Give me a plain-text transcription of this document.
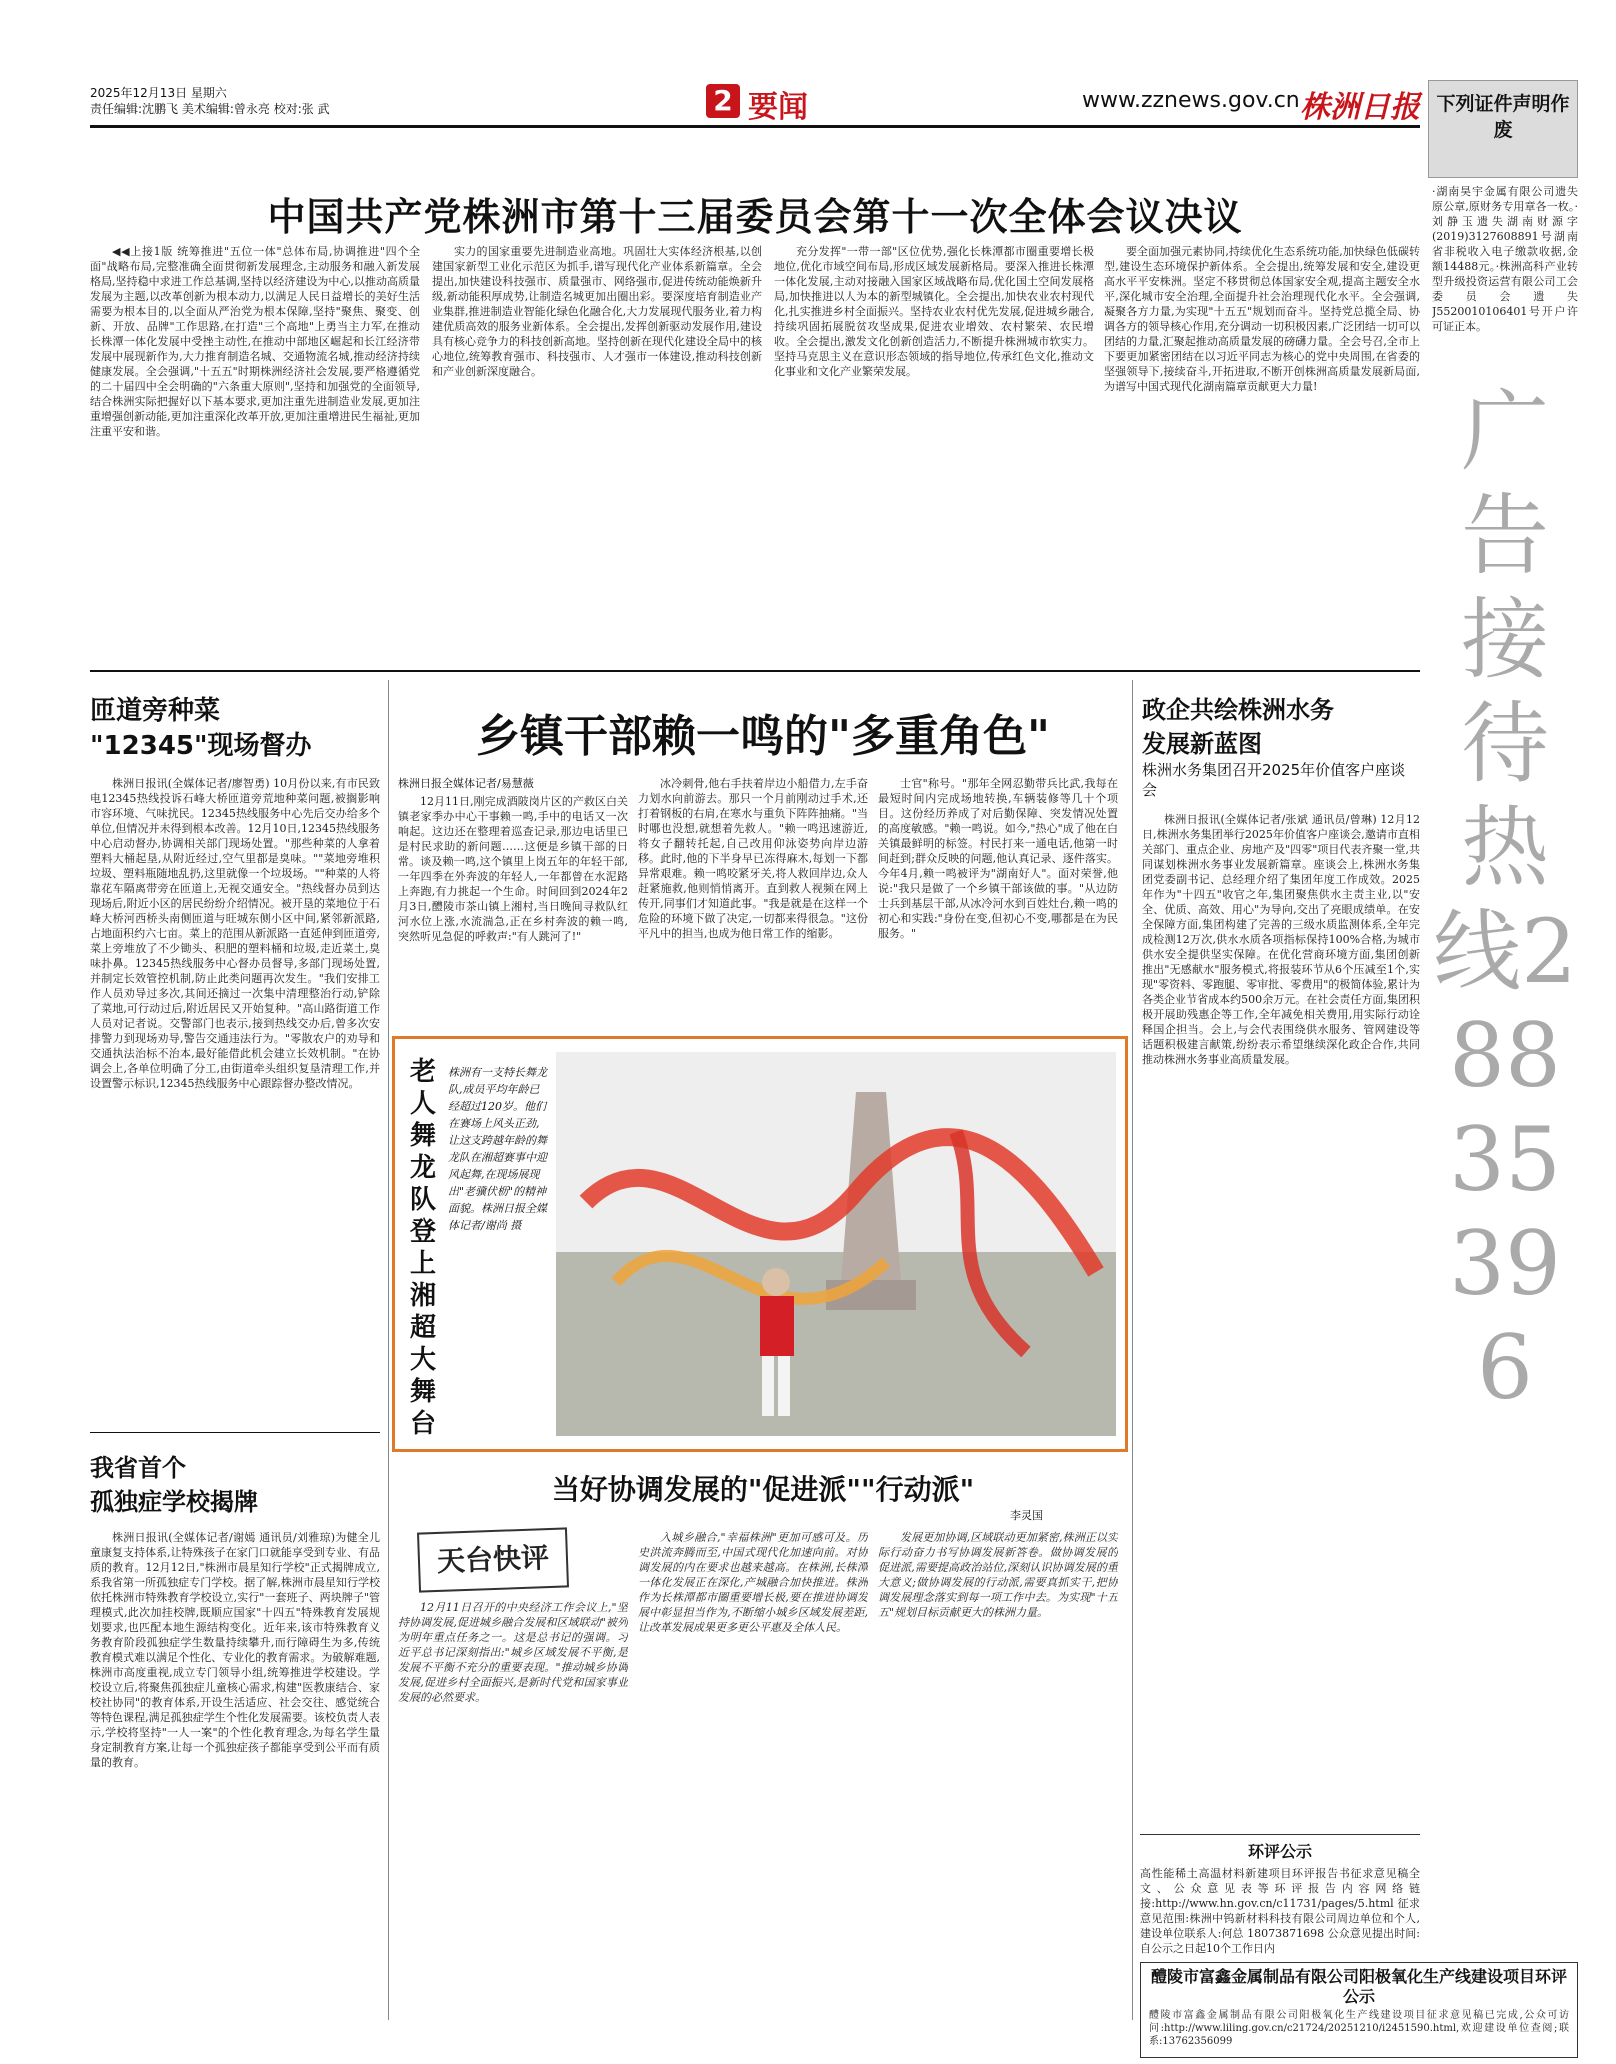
2025年12月13日 星期六
责任编辑:沈鹏飞 美术编辑:曾永亮 校对:张 武	2 要闻	www.zznews.gov.cn 株洲日报 下列证件声明作废
·湖南昊宇金属有限公司遗失原公章,原财务专用章各一枚。·刘静玉遗失湖南财源字(2019)3127608891号湖南省非税收入电子缴款收据,金额14488元。·株洲高科产业转型升级投资运营有限公司工会委员会遗失J5520010106401号开户许可证正本。
广告接待热线28835396
中国共产党株洲市第十三届委员会第十一次全体会议决议

◀◀上接1版 统筹推进"五位一体"总体布局,协调推进"四个全面"战略布局,完整准确全面贯彻新发展理念,主动服务和融入新发展格局,坚持稳中求进工作总基调,坚持以经济建设为中心,以推动高质量发展为主题,以改革创新为根本动力,以满足人民日益增长的美好生活需要为根本目的,以全面从严治党为根本保障,坚持"聚焦、聚变、创新、开放、品牌"工作思路,在打造"三个高地"上勇当主力军,在推动长株潭一体化发展中受挫主动性,在推动中部地区崛起和长江经济带发展中展现新作为,大力推育制造名城、交通物流名城,推动经济持续健康发展。全会强调,"十五五"时期株洲经济社会发展,要严格遵循党的二十届四中全会明确的"六条重大原则",坚持和加强党的全面领导,结合株洲实际把握好以下基本要求,更加注重先进制造业发展,更加注重增强创新动能,更加注重深化改革开放,更加注重增进民生福祉,更加注重平安和谐。

实力的国家重要先进制造业高地。巩固壮大实体经济根基,以创建国家新型工业化示范区为抓手,谱写现代化产业体系新篇章。全会提出,加快建设科技强市、质量强市、网络强市,促进传统动能焕新升级,新动能积厚成势,让制造名城更加出圈出彩。要深度培育制造业产业集群,推进制造业智能化绿色化融合化,大力发展现代服务业,着力构建优质高效的服务业新体系。全会提出,发挥创新驱动发展作用,建设具有核心竞争力的科技创新高地。坚持创新在现代化建设全局中的核心地位,统筹教育强市、科技强市、人才强市一体建设,推动科技创新和产业创新深度融合。

充分发挥"一带一部"区位优势,强化长株潭都市圈重要增长极地位,优化市域空间布局,形成区域发展新格局。要深入推进长株潭一体化发展,主动对接融入国家区域战略布局,优化国土空间发展格局,加快推进以人为本的新型城镇化。全会提出,加快农业农村现代化,扎实推进乡村全面振兴。坚持农业农村优先发展,促进城乡融合,持续巩固拓展脱贫攻坚成果,促进农业增效、农村繁荣、农民增收。全会提出,激发文化创新创造活力,不断提升株洲城市软实力。坚持马克思主义在意识形态领域的指导地位,传承红色文化,推动文化事业和文化产业繁荣发展。

要全面加强元素协同,持续优化生态系统功能,加快绿色低碳转型,建设生态环境保护新体系。全会提出,统筹发展和安全,建设更高水平平安株洲。坚定不移贯彻总体国家安全观,提高主题安全水平,深化城市安全治理,全面提升社会治理现代化水平。全会强调,凝聚各方力量,为实现"十五五"规划而奋斗。坚持党总揽全局、协调各方的领导核心作用,充分调动一切积极因素,广泛团结一切可以团结的力量,汇聚起推动高质量发展的磅礴力量。全会号召,全市上下要更加紧密团结在以习近平同志为核心的党中央周围,在省委的坚强领导下,接续奋斗,开拓进取,不断开创株洲高质量发展新局面,为谱写中国式现代化湖南篇章贡献更大力量!

匝道旁种菜
"12345"现场督办

株洲日报讯(全媒体记者/廖智勇) 10月份以来,有市民致电12345热线投诉石峰大桥匝道旁荒地种菜问题,被搁影响市容环境、气味扰民。12345热线服务中心先后交办给多个单位,但情况并未得到根本改善。12月10日,12345热线服务中心启动督办,协调相关部门现场处置。"那些种菜的人拿着塑料大桶起垦,从附近经过,空气里都是臭味。""菜地旁堆积垃圾、塑料瓶随地乱扔,这里就像一个垃圾场。""种菜的人将靠花车隔离带旁在匝道上,无视交通安全。"热线督办员到达现场后,附近小区的居民纷纷介绍情况。被开垦的菜地位于石峰大桥河西桥头南侧匝道与旺城东侧小区中间,紧邻新派路,占地面积约六七亩。菜上的范围从新派路一直延伸到匝道旁,菜上旁堆放了不少锄头、积肥的塑料桶和垃圾,走近菜土,臭味扑鼻。12345热线服务中心督办员督导,多部门现场处置,并制定长效管控机制,防止此类问题再次发生。"我们安排工作人员劝导过多次,其间还摘过一次集中清理整治行动,铲除了菜地,可行动过后,附近居民又开始复种。"高山路街道工作人员对记者说。交警部门也表示,接到热线交办后,曾多次安排警力到现场劝导,警告交通违法行为。"零散农户的劝导和交通执法治标不治本,最好能借此机会建立长效机制。"在协调会上,各单位明确了分工,由街道牵头组织复垦清理工作,并设置警示标识,12345热线服务中心跟踪督办整改情况。

我省首个
孤独症学校揭牌

株洲日报讯(全媒体记者/谢嫣 通讯员/刘雅琼)为健全儿童康复支持体系,让特殊孩子在家门口就能享受到专业、有品质的教育。12月12日,"株洲市晨星知行学校"正式揭牌成立,系我省第一所孤独症专门学校。据了解,株洲市晨星知行学校依托株洲市特殊教育学校设立,实行"一套班子、两块牌子"管理模式,此次加挂校牌,既顺应国家"十四五"特殊教育发展规划要求,也匹配本地生源结构变化。近年来,该市特殊教育义务教育阶段孤独症学生数量持续攀升,而行障碍生为多,传统教育模式难以满足个性化、专业化的教育需求。为破解难题,株洲市高度重视,成立专门领导小组,统筹推进学校建设。学校设立后,将聚焦孤独症儿童核心需求,构建"医教康结合、家校社协同"的教育体系,开设生活适应、社会交往、感觉统合等特色课程,满足孤独症学生个性化发展需要。该校负责人表示,学校将坚持"一人一案"的个性化教育理念,为每名学生量身定制教育方案,让每一个孤独症孩子都能享受到公平而有质量的教育。

乡镇干部赖一鸣的"多重角色"
株洲日报全媒体记者/易慧薇

12月11日,刚完成酒陂岗片区的产救区白关镇老家季办中心干事赖一鸣,手中的电话又一次响起。这边还在整理着巡查记录,那边电话里已是村民求助的新问题……这便是乡镇干部的日常。谈及赖一鸣,这个镇里上岗五年的年轻干部,一年四季在外奔波的年轻人,一年都曾在水泥路上奔跑,有力挑起一个生命。时间回到2024年2月3日,醴陵市茶山镇上湘村,当日晚间寻救队红河水位上涨,水流湍急,正在乡村奔波的赖一鸣,突然听见急促的呼救声:"有人跳河了!"

冰冷刺骨,他右手扶着岸边小船借力,左手奋力划水向前游去。那只一个月前刚动过手术,还打着钢板的右肩,在寒水与重负下阵阵抽痛。"当时哪也没想,就想着先救人。"赖一鸣迅速游近,将女子翻转托起,自己改用仰泳姿势向岸边游移。此时,他的下半身早已冻得麻木,每划一下都异常艰难。赖一鸣咬紧牙关,将人救回岸边,众人赶紧施救,他则悄悄离开。直到救人视频在网上传开,同事们才知道此事。"我是就是在这样一个危险的环境下做了决定,一切都来得很急。"这份平凡中的担当,也成为他日常工作的缩影。

士官"称号。"那年全网忍勤带兵比武,我每在最短时间内完成场地转换,车辆装修等几十个项目。这份经历养成了对后勤保障、突发情况处置的高度敏感。"赖一鸣说。如今,"热心"成了他在白关镇最鲜明的标签。村民打来一通电话,他第一时间赶到;群众反映的问题,他认真记录、逐件落实。今年4月,赖一鸣被评为"湖南好人"。面对荣誉,他说:"我只是做了一个乡镇干部该做的事。"从边防士兵到基层干部,从冰冷河水到百姓灶台,赖一鸣的初心和实践:"身份在变,但初心不变,哪都是在为民服务。"

老人舞龙队登上湘超大舞台
株洲有一支特长舞龙队,成员平均年龄已经超过120岁。他们在赛场上风头正劲,让这支跨越年龄的舞龙队在湘超赛事中迎风起舞,在现场展现出"老骥伏枥"的精神面貌。株洲日报全媒体记者/谢尚 摄
当好协调发展的"促进派""行动派"
李灵国
天台快评

12月11日召开的中央经济工作会议上,"坚持协调发展,促进城乡融合发展和区域联动"被列为明年重点任务之一。这是总书记的强调。习近平总书记深刻指出:"城乡区域发展不平衡,是发展不平衡不充分的重要表现。"推动城乡协调发展,促进乡村全面振兴,是新时代党和国家事业发展的必然要求。

入城乡融合,"幸福株洲"更加可感可及。历史洪流奔腾而至,中国式现代化加速向前。对协调发展的内在要求也越来越高。在株洲,长株潭一体化发展正在深化,产城融合加快推进。株洲作为长株潭都市圈重要增长极,要在推进协调发展中彰显担当作为,不断缩小城乡区域发展差距,让改革发展成果更多更公平惠及全体人民。

发展更加协调,区域联动更加紧密,株洲正以实际行动奋力书写协调发展新答卷。做协调发展的促进派,需要提高政治站位,深刻认识协调发展的重大意义;做协调发展的行动派,需要真抓实干,把协调发展理念落实到每一项工作中去。为实现"十五五"规划目标贡献更大的株洲力量。

政企共绘株洲水务
发展新蓝图
株洲水务集团召开2025年价值客户座谈会

株洲日报讯(全媒体记者/张斌 通讯员/曾琳) 12月12日,株洲水务集团举行2025年价值客户座谈会,邀请市直相关部门、重点企业、房地产及"四零"项目代表齐聚一堂,共同谋划株洲水务事业发展新篇章。座谈会上,株洲水务集团党委副书记、总经理介绍了集团年度工作成效。2025年作为"十四五"收官之年,集团聚焦供水主责主业,以"安全、优质、高效、用心"为导向,交出了亮眼成绩单。在安全保障方面,集团构建了完善的三级水质监测体系,全年完成检测12万次,供水水质各项指标保持100%合格,为城市供水安全提供坚实保障。在优化营商环境方面,集团创新推出"无感献水"服务模式,将报装环节从6个压减至1个,实现"零资料、零跑腿、零审批、零费用"的极简体验,累计为各类企业节省成本约500余万元。在社会责任方面,集团积极开展助残惠企等工作,全年减免相关费用,用实际行动诠释国企担当。会上,与会代表围绕供水服务、管网建设等话题积极建言献策,纷纷表示希望继续深化政企合作,共同推动株洲水务事业高质量发展。

环评公示
高性能稀土高温材料新建项目环评报告书征求意见稿全文、公众意见表等环评报告内容网络链接:http://www.hn.gov.cn/c11731/pages/5.html 征求意见范围:株洲中钨新材料科技有限公司周边单位和个人,建设单位联系人:何总 18073871698 公众意见提出时间:自公示之日起10个工作日内
醴陵市富鑫金属制品有限公司阳极氧化生产线建设项目环评公示
醴陵市富鑫金属制品有限公司阳极氧化生产线建设项目征求意见稿已完成,公众可访问:http://www.liling.gov.cn/c21724/20251210/i2451590.html,欢迎建设单位查阅;联系:13762356099
